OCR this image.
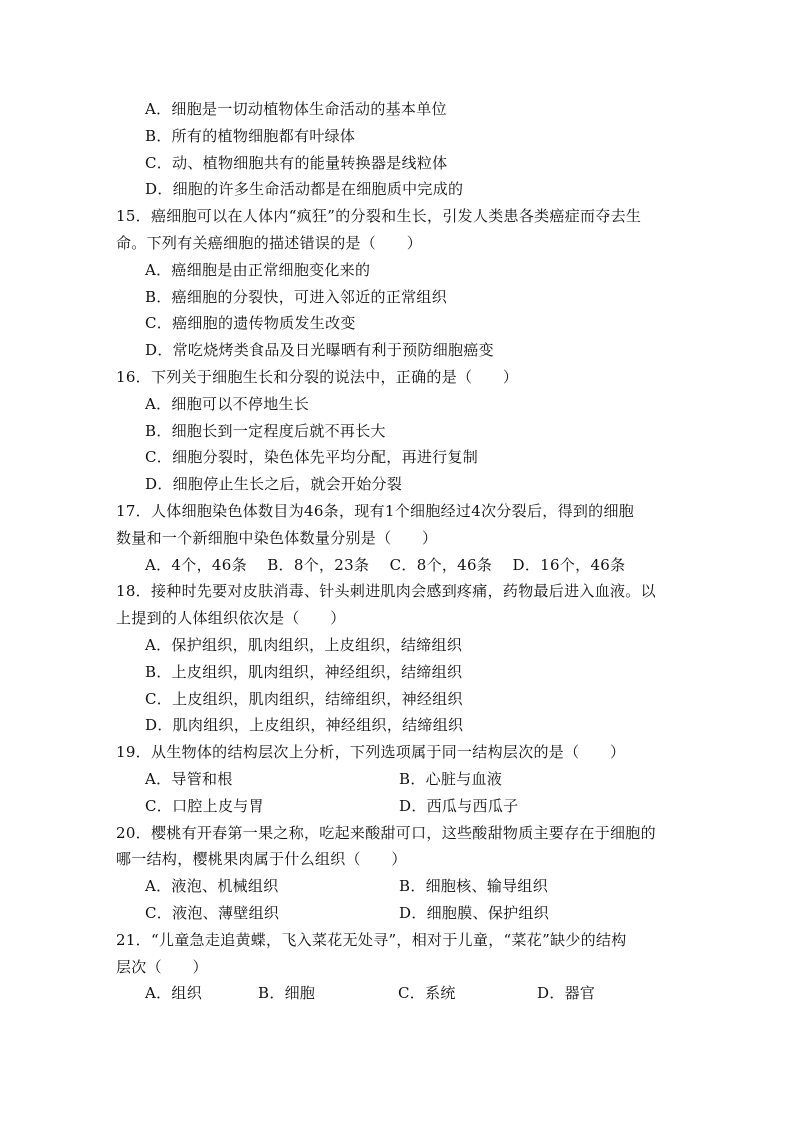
A．细胞是一切动植物体生命活动的基本单位
B．所有的植物细胞都有叶绿体
C．动、植物细胞共有的能量转换器是线粒体
D．细胞的许多生命活动都是在细胞质中完成的
15．癌细胞可以在人体内“疯狂”的分裂和生长，引发人类患各类癌症而夺去生
命。下列有关癌细胞的描述错误的是（　　）
A．癌细胞是由正常细胞变化来的
B．癌细胞的分裂快，可进入邻近的正常组织
C．癌细胞的遗传物质发生改变
D．常吃烧烤类食品及日光曝晒有利于预防细胞癌变
16．下列关于细胞生长和分裂的说法中，正确的是（　　）
A．细胞可以不停地生长
B．细胞长到一定程度后就不再长大
C．细胞分裂时，染色体先平均分配，再进行复制
D．细胞停止生长之后，就会开始分裂
17．人体细胞染色体数目为46条，现有1个细胞经过4次分裂后，得到的细胞
数量和一个新细胞中染色体数量分别是（　　）
A．4个，46条　 B．8个，23条　 C．8个，46条　 D．16个，46条
18．接种时先要对皮肤消毒、针头刺进肌肉会感到疼痛，药物最后进入血液。以
上提到的人体组织依次是（　　）
A．保护组织，肌肉组织，上皮组织，结缔组织
B．上皮组织，肌肉组织，神经组织，结缔组织
C．上皮组织，肌肉组织，结缔组织，神经组织
D．肌肉组织，上皮组织，神经组织，结缔组织
19．从生物体的结构层次上分析，下列选项属于同一结构层次的是（　　）
A．导管和根	B．心脏与血液
C．口腔上皮与胃	D．西瓜与西瓜子
20．樱桃有开春第一果之称，吃起来酸甜可口，这些酸甜物质主要存在于细胞的
哪一结构，樱桃果肉属于什么组织（　　）
A．液泡、机械组织	B．细胞核、输导组织
C．液泡、薄壁组织	D．细胞膜、保护组织
21．“儿童急走追黄蝶，飞入菜花无处寻”，相对于儿童，“菜花”缺少的结构
层次（　　）
A．组织	B．细胞	C．系统	D．器官
